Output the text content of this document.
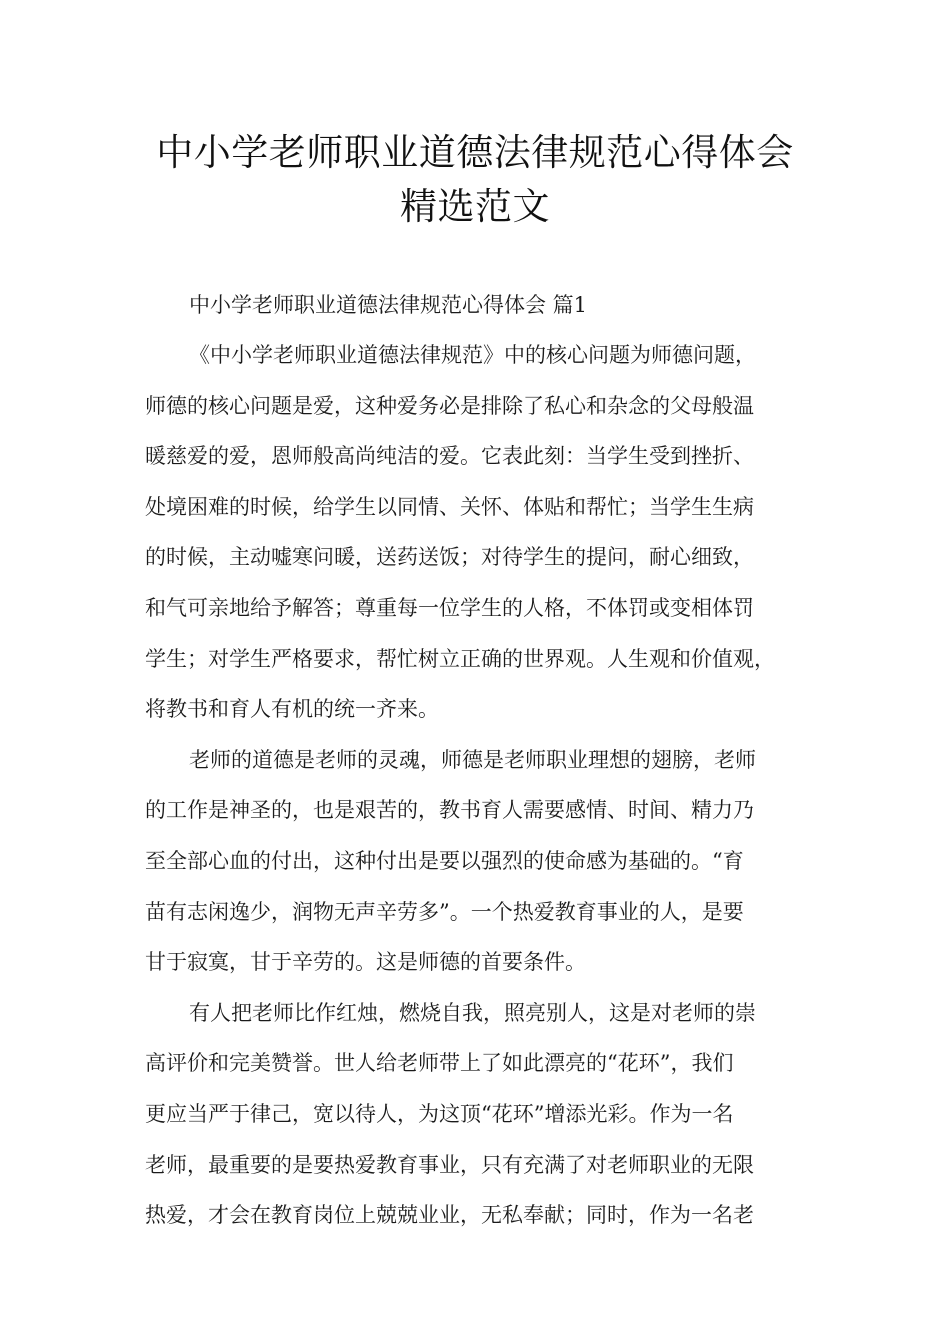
中小学老师职业道德法律规范心得体会
精选范文

中小学老师职业道德法律规范心得体会 篇1

《中小学老师职业道德法律规范》中的核心问题为师德问题，
师德的核心问题是爱，这种爱务必是排除了私心和杂念的父母般温
暖慈爱的爱，恩师般高尚纯洁的爱。它表此刻：当学生受到挫折、
处境困难的时候，给学生以同情、关怀、体贴和帮忙；当学生生病
的时候，主动嘘寒问暖，送药送饭；对待学生的提问，耐心细致，
和气可亲地给予解答；尊重每一位学生的人格，不体罚或变相体罚
学生；对学生严格要求，帮忙树立正确的世界观。人生观和价值观，
将教书和育人有机的统一齐来。

老师的道德是老师的灵魂，师德是老师职业理想的翅膀，老师
的工作是神圣的，也是艰苦的，教书育人需要感情、时间、精力乃
至全部心血的付出，这种付出是要以强烈的使命感为基础的。“育
苗有志闲逸少，润物无声辛劳多”。一个热爱教育事业的人，是要
甘于寂寞，甘于辛劳的。这是师德的首要条件。

有人把老师比作红烛，燃烧自我，照亮别人，这是对老师的崇
高评价和完美赞誉。世人给老师带上了如此漂亮的“花环”，我们
更应当严于律己，宽以待人，为这顶“花环”增添光彩。作为一名
老师，最重要的是要热爱教育事业，只有充满了对老师职业的无限
热爱，才会在教育岗位上兢兢业业，无私奉献；同时，作为一名老
